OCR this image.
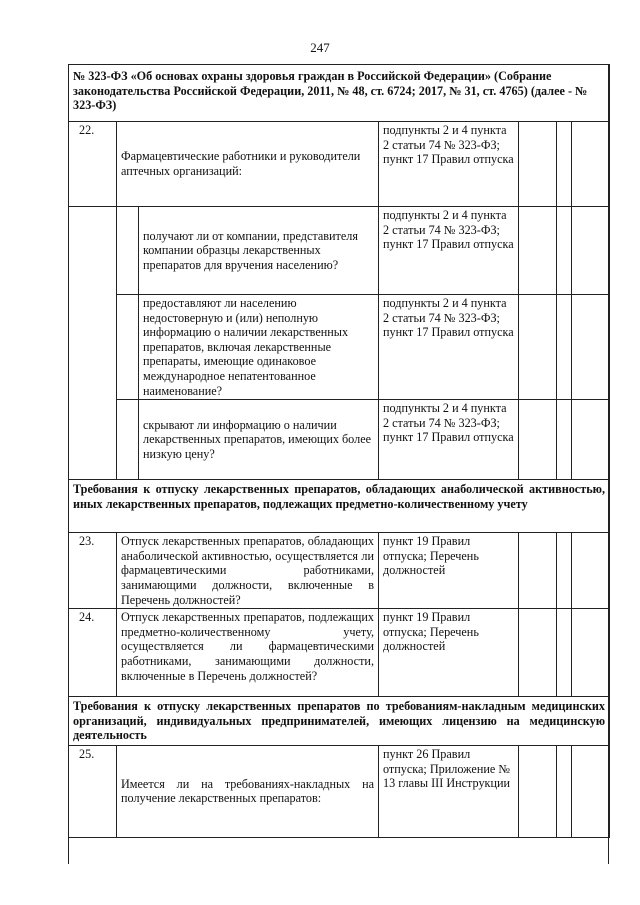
247
№ 323-ФЗ «Об основах охраны здоровья граждан в Российской Федерации» (Собрание законодательства Российской Федерации, 2011, № 48, ст. 6724; 2017, № 31, ст. 4765) (далее - № 323-ФЗ)						
22.	Фармацевтические работники и руководители аптечных организаций:		подпункты 2 и 4 пункта 2 статьи 74 № 323-ФЗ; пункт 17 Правил отпуска			
		получают ли от компании, представителя компании образцы лекарственных препаратов для вручения населению?	подпункты 2 и 4 пункта 2 статьи 74 № 323-ФЗ; пункт 17 Правил отпуска			
		предоставляют ли населению недостоверную и (или) неполную информацию о наличии лекарственных препаратов, включая лекарственные препараты, имеющие одинаковое международное непатентованное наименование?	подпункты 2 и 4 пункта 2 статьи 74 № 323-ФЗ; пункт 17 Правил отпуска			
		скрывают ли информацию о наличии лекарственных препаратов, имеющих более низкую цену?	подпункты 2 и 4 пункта 2 статьи 74 № 323-ФЗ; пункт 17 Правил отпуска			
Требования к отпуску лекарственных препаратов, обладающих анаболической активностью, иных лекарственных препаратов, подлежащих предметно-количественному учету						
23.	Отпуск лекарственных препаратов, обладающих анаболической активностью, осуществляется ли фармацевтическими работниками, занимающими должности, включенные в Перечень должностей?		пункт 19 Правил отпуска; Перечень должностей			
24.	Отпуск лекарственных препаратов, подлежащих предметно-количественному учету, осуществляется ли фармацевтическими работниками, занимающими должности, включенные в Перечень должностей?		пункт 19 Правил отпуска; Перечень должностей			
Требования к отпуску лекарственных препаратов по требованиям-накладным медицинских организаций, индивидуальных предпринимателей, имеющих лицензию на медицинскую деятельность						
25.	Имеется ли на требованиях-накладных на получение лекарственных препаратов:		пункт 26 Правил отпуска; Приложение № 13 главы III Инструкции			
